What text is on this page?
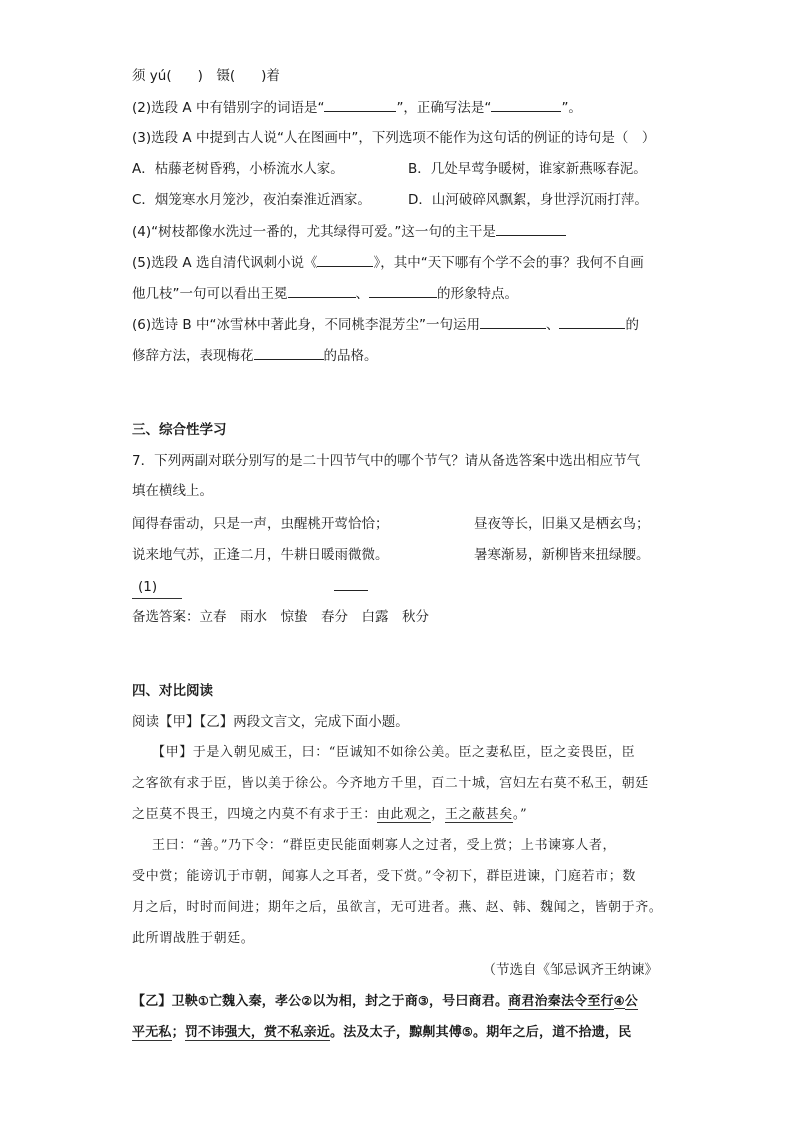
须 yú( )　镊( )着
(2)选段 A 中有错别字的词语是“	”，正确写法是“	”。
(3)选段 A 中提到古人说“人在图画中”，下列选项不能作为这句话的例证的诗句是（　）
A．枯藤老树昏鸦，小桥流水人家。	B．几处早莺争暖树，谁家新燕啄春泥。
C．烟笼寒水月笼沙，夜泊秦淮近酒家。	D．山河破碎风飘絮，身世浮沉雨打萍。
(4)“树枝都像水洗过一番的，尤其绿得可爱。”这一句的主干是
(5)选段 A 选自清代讽刺小说《	》，其中“天下哪有个学不会的事？我何不自画
他几枝”一句可以看出王冕	、	的形象特点。
(6)选诗 B 中“冰雪林中著此身，不同桃李混芳尘”一句运用	、	的
修辞方法，表现梅花	的品格。
三、综合性学习
7．下列两副对联分别写的是二十四节气中的哪个节气？请从备选答案中选出相应节气
填在横线上。
闻得春雷动，只是一声，虫醒桃开莺恰恰；	昼夜等长，旧巢又是栖玄鸟；
说来地气苏，正逢二月，牛耕日暖雨微微。	暑寒渐易，新柳皆来扭绿腰。
(1)
备选答案：立春　雨水　惊蛰　春分　白露　秋分
四、对比阅读
阅读【甲】【乙】两段文言文，完成下面小题。
【甲】于是入朝见威王，曰：“臣诚知不如徐公美。臣之妻私臣，臣之妾畏臣，臣
之客欲有求于臣，皆以美于徐公。今齐地方千里，百二十城，宫妇左右莫不私王，朝廷
之臣莫不畏王，四境之内莫不有求于王：由此观之，王之蔽甚矣。”
王曰：“善。”乃下令：“群臣吏民能面刺寡人之过者，受上赏；上书谏寡人者，
受中赏；能谤讥于市朝，闻寡人之耳者，受下赏。”令初下，群臣进谏，门庭若市；数
月之后，时时而间进；期年之后，虽欲言，无可进者。燕、赵、韩、魏闻之，皆朝于齐。
此所谓战胜于朝廷。
（节选自《邹忌讽齐王纳谏》
【乙】卫鞅①亡魏入秦，孝公②以为相，封之于商③，号曰商君。商君治秦法令至行④公
平无私；罚不讳强大，赏不私亲近。法及太子，黥劓其傅⑤。期年之后，道不拾遗，民
